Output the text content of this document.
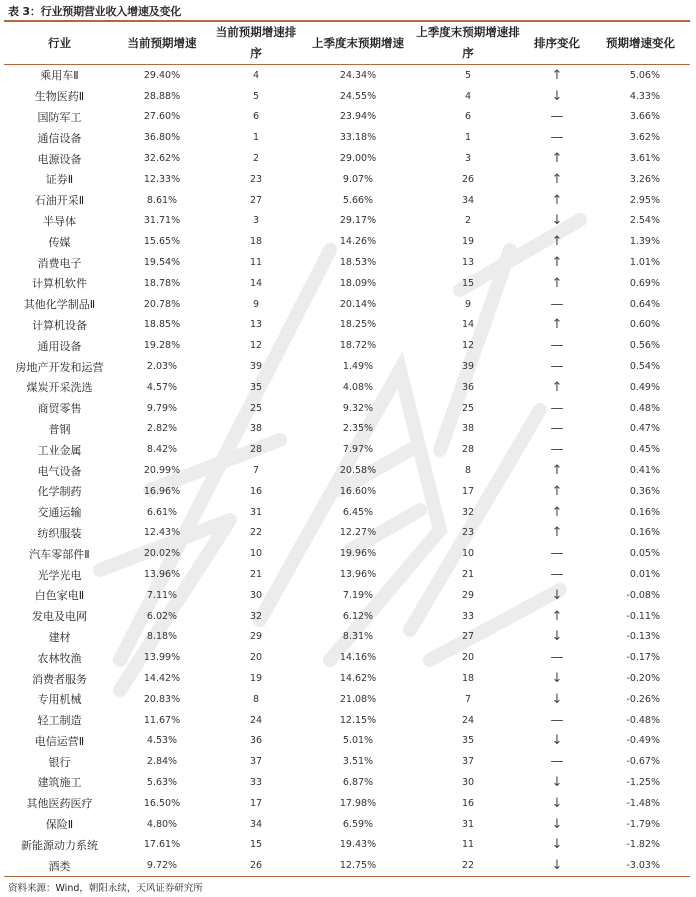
表 3：行业预期营业收入增速及变化
行业	当前预期增速	当前预期增速排序	上季度末预期增速	上季度末预期增速排序	排序变化	预期增速变化
乘用车Ⅱ	29.40%	4	24.34%	5	↑	5.06%
生物医药Ⅱ	28.88%	5	24.55%	4	↓	4.33%
国防军工	27.60%	6	23.94%	6	—	3.66%
通信设备	36.80%	1	33.18%	1	—	3.62%
电源设备	32.62%	2	29.00%	3	↑	3.61%
证券Ⅱ	12.33%	23	9.07%	26	↑	3.26%
石油开采Ⅱ	8.61%	27	5.66%	34	↑	2.95%
半导体	31.71%	3	29.17%	2	↓	2.54%
传媒	15.65%	18	14.26%	19	↑	1.39%
消费电子	19.54%	11	18.53%	13	↑	1.01%
计算机软件	18.78%	14	18.09%	15	↑	0.69%
其他化学制品Ⅱ	20.78%	9	20.14%	9	—	0.64%
计算机设备	18.85%	13	18.25%	14	↑	0.60%
通用设备	19.28%	12	18.72%	12	—	0.56%
房地产开发和运营	2.03%	39	1.49%	39	—	0.54%
煤炭开采洗选	4.57%	35	4.08%	36	↑	0.49%
商贸零售	9.79%	25	9.32%	25	—	0.48%
普钢	2.82%	38	2.35%	38	—	0.47%
工业金属	8.42%	28	7.97%	28	—	0.45%
电气设备	20.99%	7	20.58%	8	↑	0.41%
化学制药	16.96%	16	16.60%	17	↑	0.36%
交通运输	6.61%	31	6.45%	32	↑	0.16%
纺织服装	12.43%	22	12.27%	23	↑	0.16%
汽车零部件Ⅱ	20.02%	10	19.96%	10	—	0.05%
光学光电	13.96%	21	13.96%	21	—	0.01%
白色家电Ⅱ	7.11%	30	7.19%	29	↓	-0.08%
发电及电网	6.02%	32	6.12%	33	↑	-0.11%
建材	8.18%	29	8.31%	27	↓	-0.13%
农林牧渔	13.99%	20	14.16%	20	—	-0.17%
消费者服务	14.42%	19	14.62%	18	↓	-0.20%
专用机械	20.83%	8	21.08%	7	↓	-0.26%
轻工制造	11.67%	24	12.15%	24	—	-0.48%
电信运营Ⅱ	4.53%	36	5.01%	35	↓	-0.49%
银行	2.84%	37	3.51%	37	—	-0.67%
建筑施工	5.63%	33	6.87%	30	↓	-1.25%
其他医药医疗	16.50%	17	17.98%	16	↓	-1.48%
保险Ⅱ	4.80%	34	6.59%	31	↓	-1.79%
新能源动力系统	17.61%	15	19.43%	11	↓	-1.82%
酒类	9.72%	26	12.75%	22	↓	-3.03%
资料来源：Wind，朝阳永续，天风证券研究所
